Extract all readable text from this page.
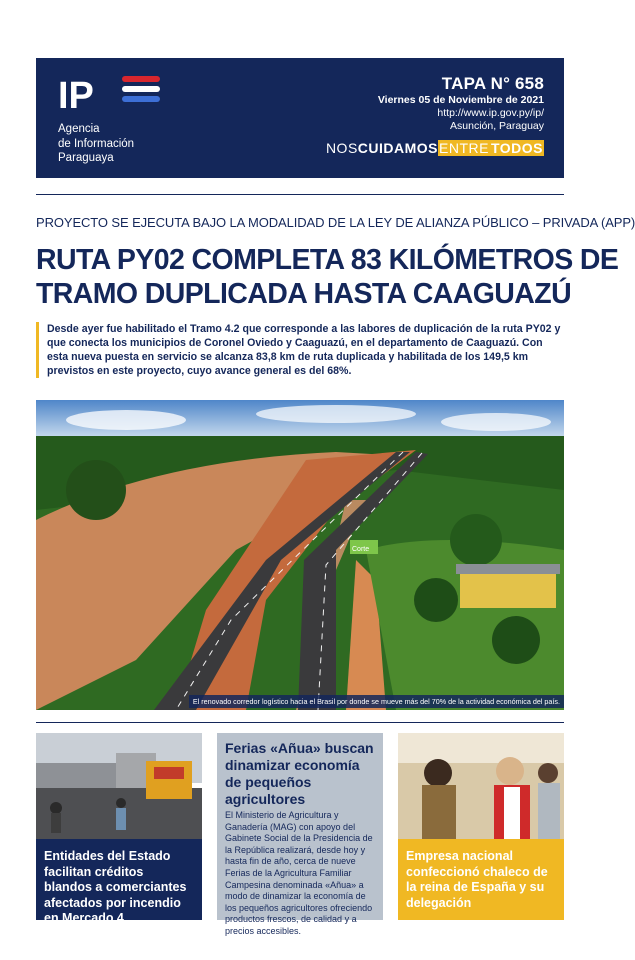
IP
Agencia
de Información
Paraguaya
TAPA N° 658
Viernes 05 de Noviembre de 2021
http://www.ip.gov.py/ip/
Asunción, Paraguay
NOSCUIDAMOSENTRE TODOS
PROYECTO SE EJECUTA BAJO LA MODALIDAD DE LA LEY DE ALIANZA PÚBLICO – PRIVADA (APP)
RUTA PY02 COMPLETA 83 KILÓMETROS DE
TRAMO DUPLICADA HASTA CAAGUAZÚ
Desde ayer fue habilitado el Tramo 4.2 que corresponde a las labores de duplicación de la ruta PY02 y que conecta los municipios de Coronel Oviedo y Caaguazú, en el departamento de Caaguazú. Con esta nueva puesta en servicio se alcanza 83,8 km de ruta duplicada y habilitada de los 149,5 km previstos en este proyecto, cuyo avance general es del 68%.
Corte
El renovado corredor logístico hacia el Brasil por donde se mueve más del 70% de la actividad económica del país.
Entidades del Estado facilitan créditos blandos a comerciantes afectados por incendio en Mercado 4
Ferias «Añua» buscan dinamizar economía de pequeños agricultores
El Ministerio de Agricultura y Ganadería (MAG) con apoyo del Gabinete Social de la Presidencia de la República realizará, desde hoy y hasta fin de año, cerca de nueve Ferias de la Agricultura Familiar Campesina denominada «Añua» a modo de dinamizar la economía de los pequeños agricultores ofreciendo productos frescos, de calidad y a precios accesibles.
Empresa nacional confeccionó chaleco de la reina de España y su delegación
